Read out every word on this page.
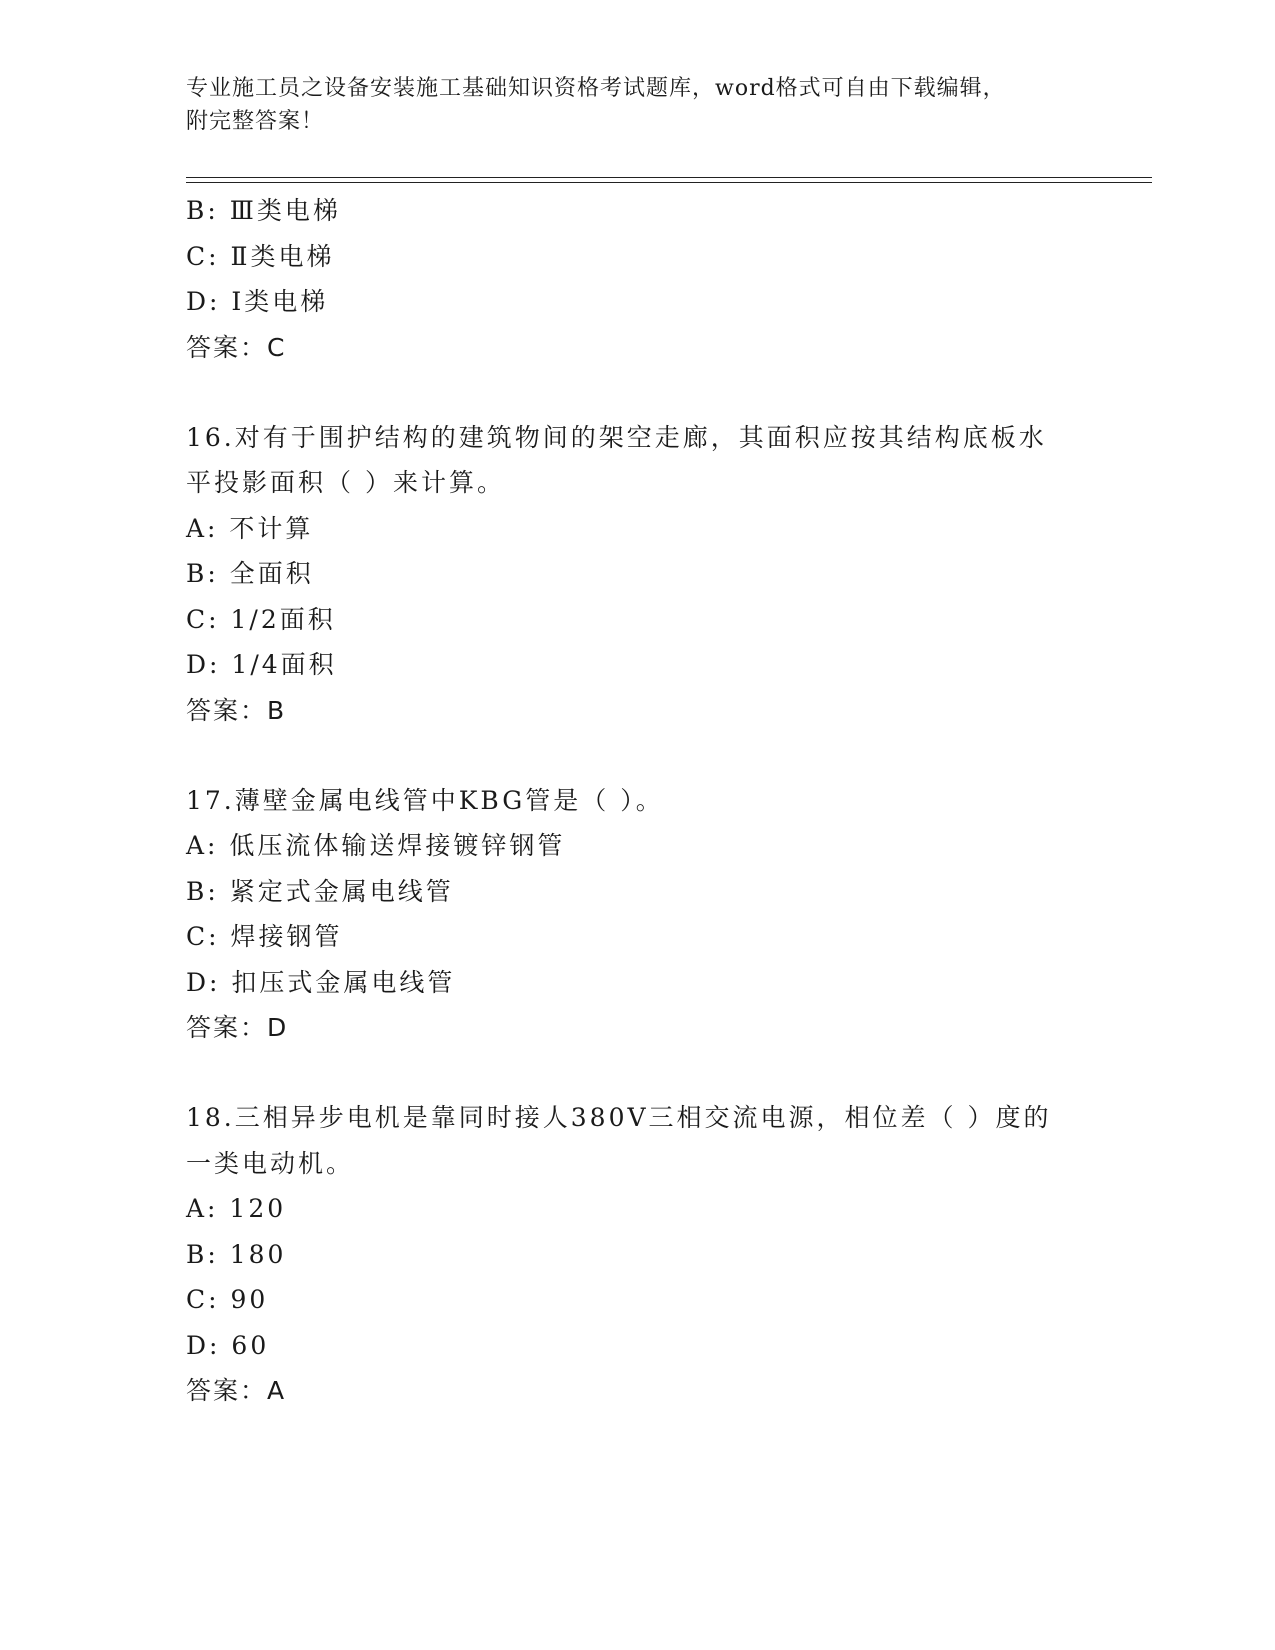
专业施工员之设备安装施工基础知识资格考试题库，word格式可自由下载编辑，
附完整答案！
B: Ⅲ类电梯
C: Ⅱ类电梯
D: Ⅰ类电梯
答案：C
16.对有于围护结构的建筑物间的架空走廊，其面积应按其结构底板水
平投影面积（ ）来计算。
A: 不计算
B: 全面积
C: 1/2面积
D: 1/4面积
答案：B
17.薄壁金属电线管中KBG管是（ ）。
A: 低压流体输送焊接镀锌钢管
B: 紧定式金属电线管
C: 焊接钢管
D: 扣压式金属电线管
答案：D
18.三相异步电机是靠同时接人380V三相交流电源，相位差（ ）度的
一类电动机。
A: 120
B: 180
C: 90
D: 60
答案：A
